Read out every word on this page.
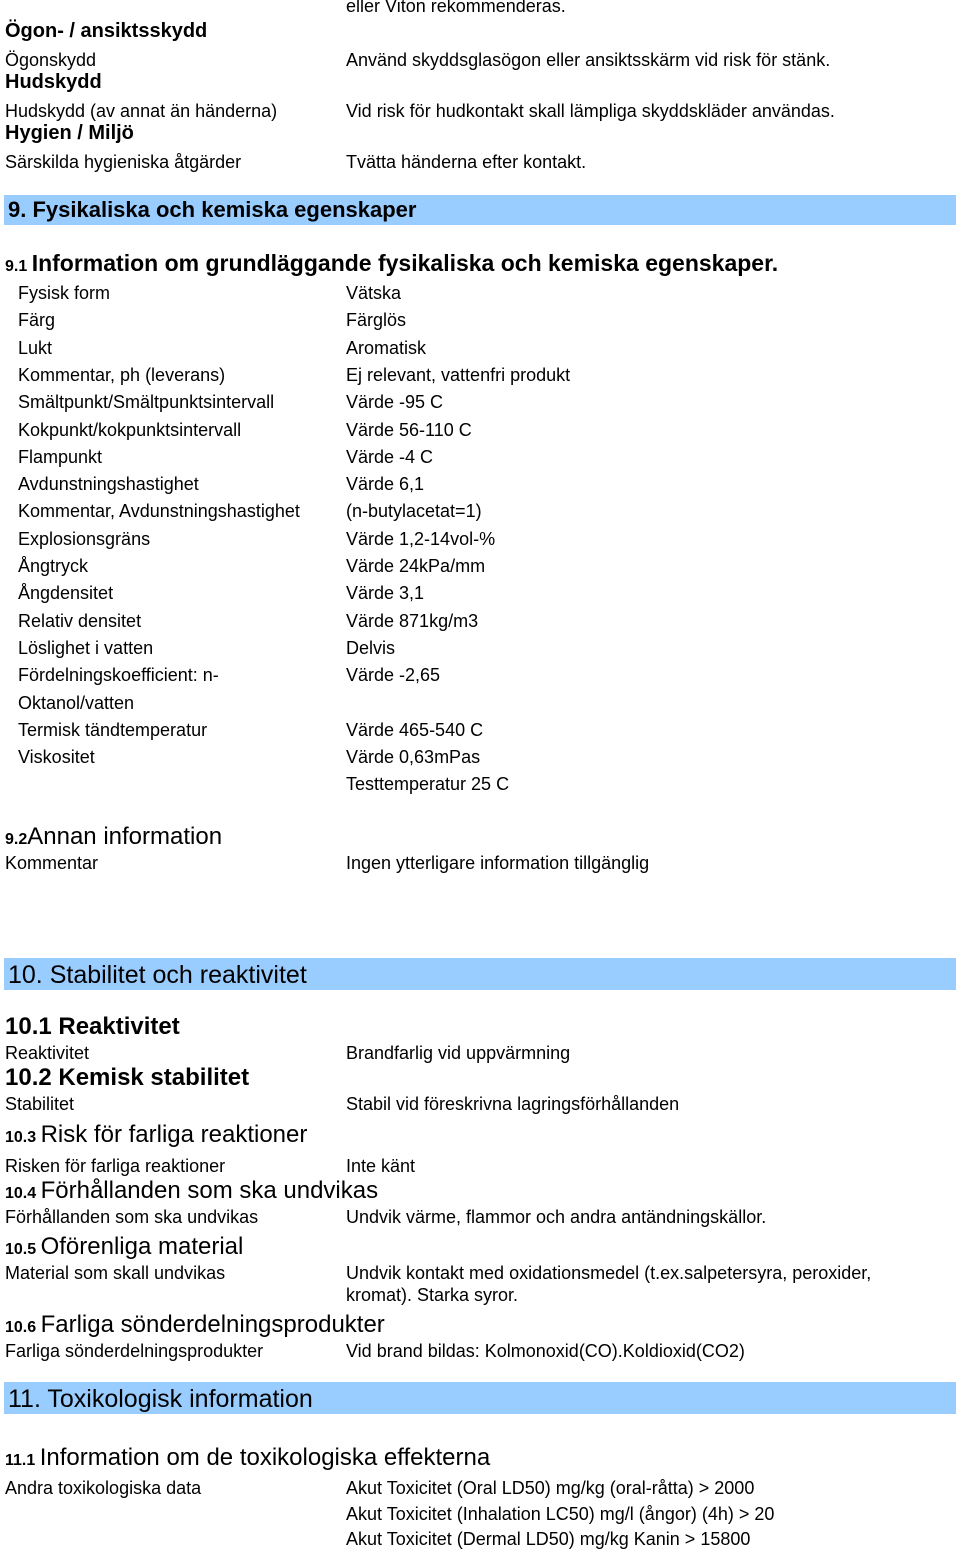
Ögon- / ansiktsskydd
eller Viton rekommenderas.
Ögonskydd	Använd skyddsglasögon eller ansiktsskärm vid risk för stänk.
Hudskydd
Hudskydd (av annat än händerna)	Vid risk för hudkontakt skall lämpliga skyddskläder användas.
Hygien / Miljö
Särskilda hygieniska åtgärder	Tvätta händerna efter kontakt.
9. Fysikaliska och kemiska egenskaper
9.1 Information om grundläggande fysikaliska och kemiska egenskaper.
Fysisk form	Vätska
Färg	Färglös
Lukt	Aromatisk
Kommentar, ph (leverans)	Ej relevant, vattenfri produkt
Smältpunkt/Smältpunktsintervall	Värde -95 C
Kokpunkt/kokpunktsintervall	Värde 56-110 C
Flampunkt	Värde -4 C
Avdunstningshastighet	Värde 6,1
Kommentar, Avdunstningshastighet	(n-butylacetat=1)
Explosionsgräns	Värde 1,2-14vol-%
Ångtryck	Värde 24kPa/mm
Ångdensitet	Värde 3,1
Relativ densitet	Värde 871kg/m3
Löslighet i vatten	Delvis
Fördelningskoefficient: n-	Värde -2,65
Oktanol/vatten
Termisk tändtemperatur	Värde 465-540 C
Viskositet	Värde 0,63mPas
Testtemperatur 25 C
9.2Annan information
Kommentar	Ingen ytterligare information tillgänglig
10. Stabilitet och reaktivitet
10.1 Reaktivitet
Reaktivitet	Brandfarlig vid uppvärmning
10.2 Kemisk stabilitet
Stabilitet	Stabil vid föreskrivna lagringsförhållanden
10.3 Risk för farliga reaktioner
Risken för farliga reaktioner	Inte känt
10.4 Förhållanden som ska undvikas
Förhållanden som ska undvikas	Undvik värme, flammor och andra antändningskällor.
10.5 Oförenliga material
Material som skall undvikas	Undvik kontakt med oxidationsmedel (t.ex.salpetersyra, peroxider,
kromat). Starka syror.
10.6 Farliga sönderdelningsprodukter
Farliga sönderdelningsprodukter	Vid brand bildas: Kolmonoxid(CO).Koldioxid(CO2)
11. Toxikologisk information
11.1 Information om de toxikologiska effekterna
Andra toxikologiska data	Akut Toxicitet (Oral LD50) mg/kg (oral-råtta) > 2000
Akut Toxicitet (Inhalation LC50) mg/l (ångor) (4h) > 20
Akut Toxicitet (Dermal LD50) mg/kg Kanin > 15800
